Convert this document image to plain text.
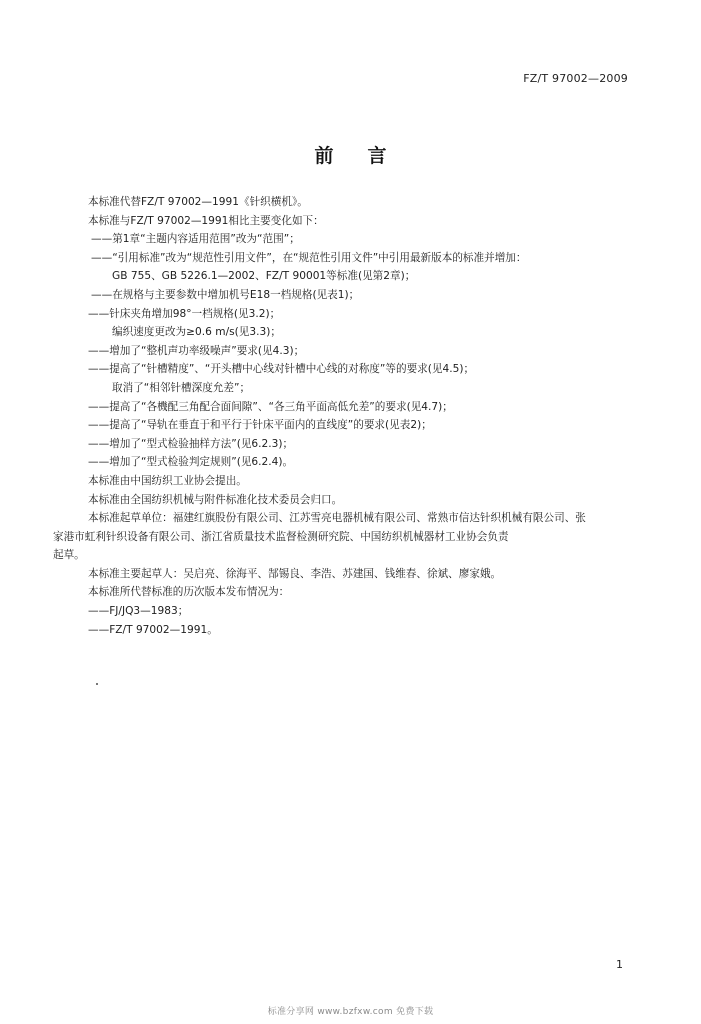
FZ/T 97002—2009
前 言
本标准代替FZ/T 97002—1991《针织横机》。
本标准与FZ/T 97002—1991相比主要变化如下：
——第1章“主题内容适用范围”改为“范围”；
——“引用标准”改为“规范性引用文件”，在“规范性引用文件”中引用最新版本的标准并增加：
GB 755、GB 5226.1—2002、FZ/T 90001等标准(见第2章)；
——在规格与主要参数中增加机号E18一档规格(见表1)；
——针床夹角增加98°一档规格(见3.2)；
编织速度更改为≥0.6 m/s(见3.3)；
——增加了“整机声功率级噪声”要求(见4.3)；
——提高了“针槽精度”、“开头槽中心线对针槽中心线的对称度”等的要求(见4.5)；
取消了“相邻针槽深度允差”；
——提高了“各機配三角配合面间隙”、“各三角平面高低允差”的要求(见4.7)；
——提高了“导轨在垂直于和平行于针床平面内的直线度”的要求(见表2)；
——增加了“型式检验抽样方法”(见6.2.3)；
——增加了“型式检验判定规则”(见6.2.4)。
本标准由中国纺织工业协会提出。
本标准由全国纺织机械与附件标准化技术委员会归口。
本标准起草单位：福建红旗股份有限公司、江苏雪亮电器机械有限公司、常熟市信达针织机械有限公司、张
家港市虹利针织设备有限公司、浙江省质量技术监督检测研究院、中国纺织机械器材工业协会负责
起草。
本标准主要起草人：吴启亮、徐海平、郜锡良、李浩、苏建国、钱维春、徐斌、廖家娥。
本标准所代替标准的历次版本发布情况为：
——FJ/JQ3—1983；
——FZ/T 97002—1991。
1
标准分享网 www.bzfxw.com 免费下载
